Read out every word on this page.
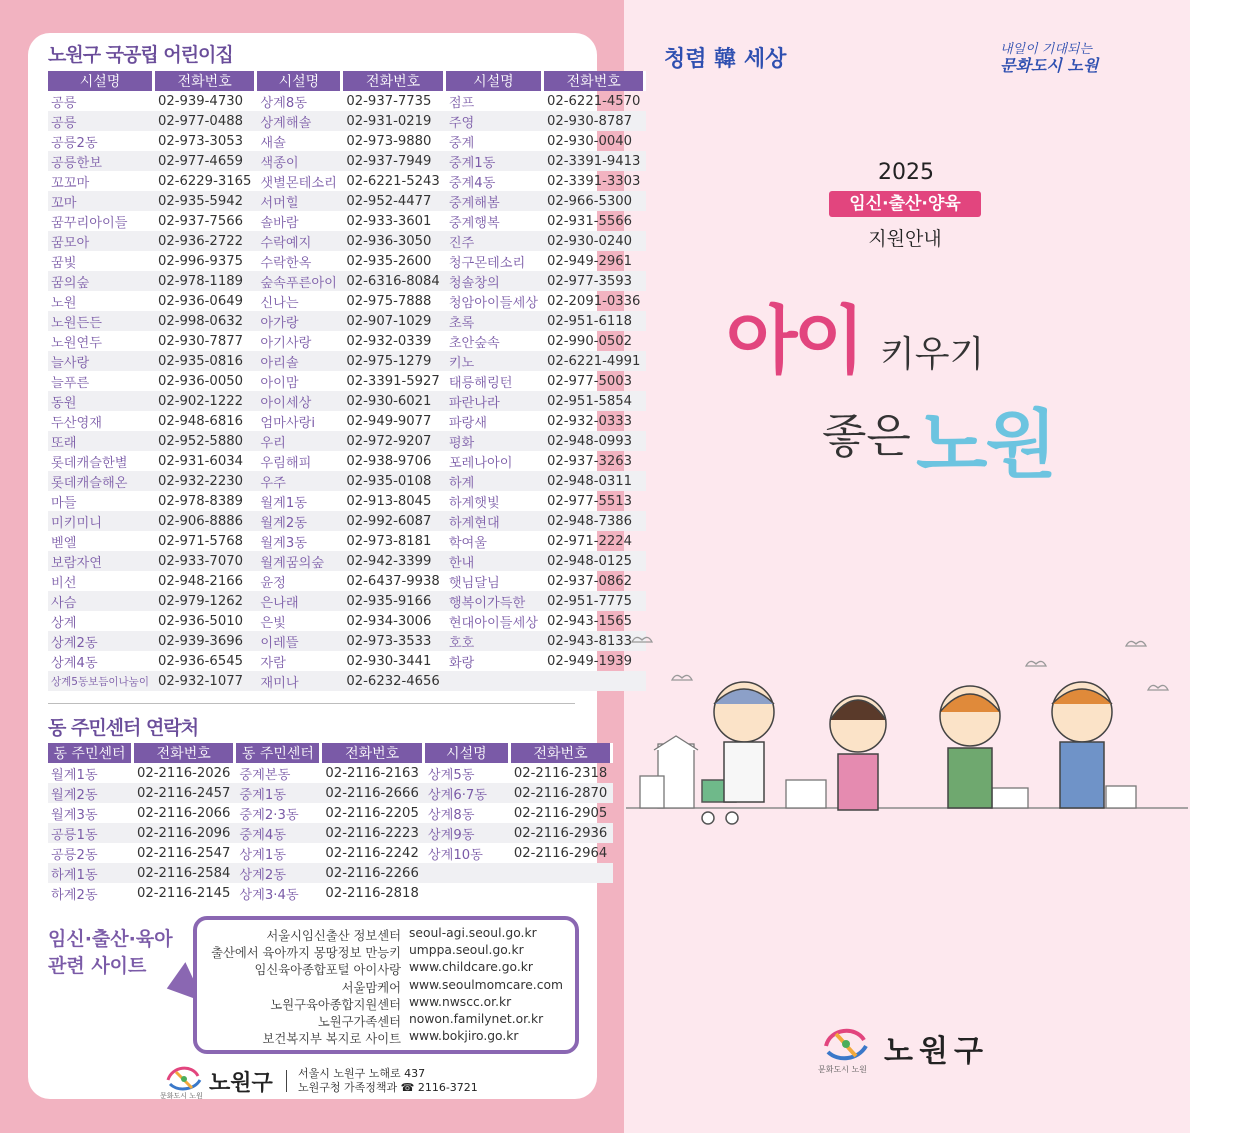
노원구 국공립 어린이집
시설명	전화번호	시설명	전화번호	시설명	전화번호
공릉	02-939-4730	상계8동	02-937-7735	점프	02-6221-4570
공릉	02-977-0488	상계해솔	02-931-0219	주영	02-930-8787
공릉2동	02-973-3053	새솔	02-973-9880	중계	02-930-0040
공릉한보	02-977-4659	색종이	02-937-7949	중계1동	02-3391-9413
꼬꼬마	02-6229-3165	샛별몬테소리	02-6221-5243	중계4동	02-3391-3303
꼬마	02-935-5942	서머힐	02-952-4477	중계해봄	02-966-5300
꿈꾸리아이들	02-937-7566	솔바람	02-933-3601	중계행복	02-931-5566
꿈모아	02-936-2722	수락예지	02-936-3050	진주	02-930-0240
꿈빛	02-996-9375	수락한옥	02-935-2600	청구몬테소리	02-949-2961
꿈의숲	02-978-1189	숲속푸른아이	02-6316-8084	청솔창의	02-977-3593
노원	02-936-0649	신나는	02-975-7888	청암아이들세상	02-2091-0336
노원든든	02-998-0632	아가랑	02-907-1029	초록	02-951-6118
노원연두	02-930-7877	아기사랑	02-932-0339	초안숲속	02-990-0502
늘사랑	02-935-0816	아리솔	02-975-1279	키노	02-6221-4991
늘푸른	02-936-0050	아이맘	02-3391-5927	태릉해링턴	02-977-5003
동원	02-902-1222	아이세상	02-930-6021	파란나라	02-951-5854
두산영재	02-948-6816	엄마사랑i	02-949-9077	파랑새	02-932-0333
또래	02-952-5880	우리	02-972-9207	평화	02-948-0993
롯데캐슬한별	02-931-6034	우림해피	02-938-9706	포레나아이	02-937-3263
롯데캐슬해온	02-932-2230	우주	02-935-0108	하계	02-948-0311
마들	02-978-8389	월계1동	02-913-8045	하계햇빛	02-977-5513
미키미니	02-906-8886	월계2동	02-992-6087	하계현대	02-948-7386
벧엘	02-971-5768	월계3동	02-973-8181	학여울	02-971-2224
보람자연	02-933-7070	월계꿈의숲	02-942-3399	한내	02-948-0125
비선	02-948-2166	윤정	02-6437-9938	햇님달님	02-937-0862
사슴	02-979-1262	은나래	02-935-9166	행복이가득한	02-951-7775
상계	02-936-5010	은빛	02-934-3006	현대아이들세상	02-943-1565
상계2동	02-939-3696	이레뜰	02-973-3533	호호	02-943-8133
상계4동	02-936-6545	자람	02-930-3441	화랑	02-949-1939
상계5동보듬이나눔이	02-932-1077	재미나	02-6232-4656		
동 주민센터 연락처
동 주민센터	전화번호	동 주민센터	전화번호	시설명	전화번호
월계1동	02-2116-2026	중계본동	02-2116-2163	상계5동	02-2116-2318
월계2동	02-2116-2457	중계1동	02-2116-2666	상계6·7동	02-2116-2870
월계3동	02-2116-2066	중계2·3동	02-2116-2205	상계8동	02-2116-2905
공릉1동	02-2116-2096	중계4동	02-2116-2223	상계9동	02-2116-2936
공릉2동	02-2116-2547	상계1동	02-2116-2242	상계10동	02-2116-2964
하계1동	02-2116-2584	상계2동	02-2116-2266		
하계2동	02-2116-2145	상계3·4동	02-2116-2818		
임신·출산·육아 관련 사이트
서울시임신출산 정보센터 seoul-agi.seoul.go.kr
출산에서 육아까지 몽땅정보 만능키 umppa.seoul.go.kr
임신육아종합포털 아이사랑 www.childcare.go.kr
서울맘케어 www.seoulmomcare.com
노원구육아종합지원센터 www.nwscc.or.kr
노원구가족센터 nowon.familynet.or.kr
보건복지부 복지로 사이트 www.bokjiro.go.kr
문화도시 노원 노원구 서울시 노원구 노해로 437
노원구청 가족정책과 ☎ 2116-3721
청렴 韓 세상	내일이 기대되는
문화도시 노원
2025
임신·출산·양육
지원안내
아이 키우기
좋은 노원
문화도시 노원
노원구
